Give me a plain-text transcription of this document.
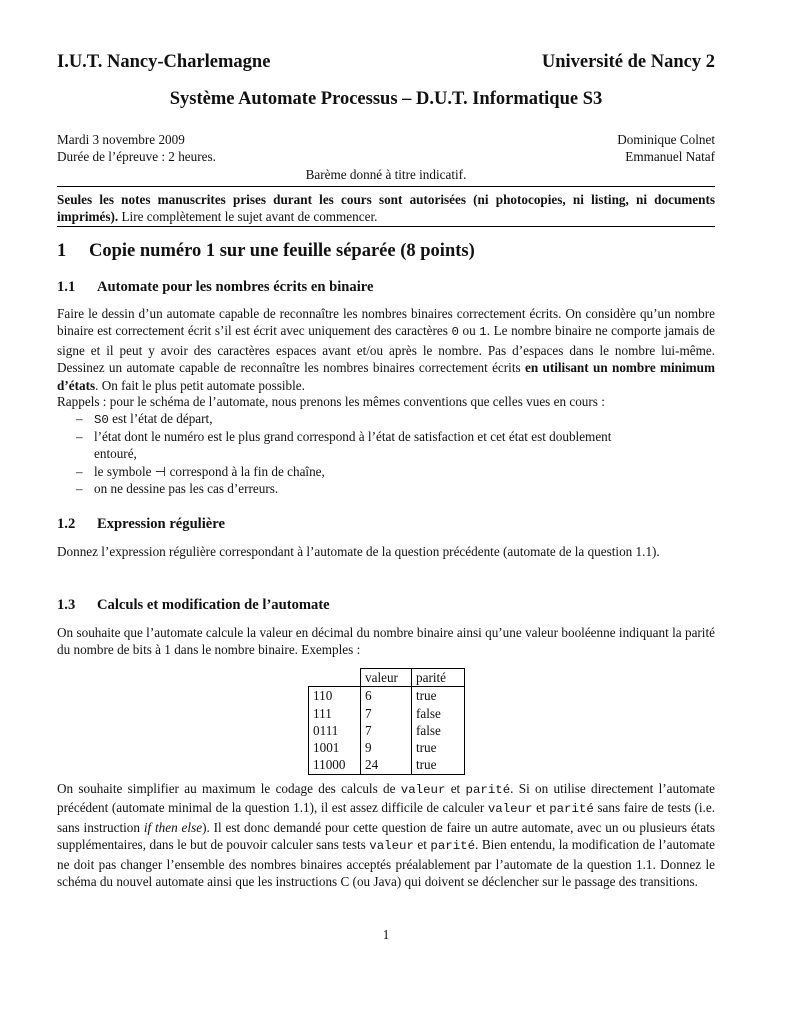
I.U.T. Nancy-Charlemagne	Université de Nancy 2
Système Automate Processus – D.U.T. Informatique S3
Mardi 3 novembre 2009	Dominique Colnet
Durée de l’épreuve : 2 heures.	Emmanuel Nataf
Barème donné à titre indicatif.
Seules les notes manuscrites prises durant les cours sont autorisées (ni photocopies, ni listing, ni documents imprimés). Lire complètement le sujet avant de commencer.
1 Copie numéro 1 sur une feuille séparée (8 points)
1.1 Automate pour les nombres écrits en binaire
Faire le dessin d’un automate capable de reconnaître les nombres binaires correctement écrits. On considère qu’un nombre binaire est correctement écrit s’il est écrit avec uniquement des caractères 0 ou 1. Le nombre binaire ne comporte jamais de signe et il peut y avoir des caractères espaces avant et/ou après le nombre. Pas d’espaces dans le nombre lui-même. Dessinez un automate capable de reconnaître les nombres binaires correctement écrits en utilisant un nombre minimum d’états. On fait le plus petit automate possible.
Rappels : pour le schéma de l’automate, nous prenons les mêmes conventions que celles vues en cours :
– S0 est l’état de départ,
– l’état dont le numéro est le plus grand correspond à l’état de satisfaction et cet état est doublement
entouré,
– le symbole ⊣ correspond à la fin de chaîne,
– on ne dessine pas les cas d’erreurs.
1.2 Expression régulière
Donnez l’expression régulière correspondant à l’automate de la question précédente (automate de la question 1.1).
1.3 Calculs et modification de l’automate
On souhaite que l’automate calcule la valeur en décimal du nombre binaire ainsi qu’une valeur booléenne indiquant la parité du nombre de bits à 1 dans le nombre binaire. Exemples :
	valeur	parité
110	6	true
111	7	false
0111	7	false
1001	9	true
11000	24	true
On souhaite simplifier au maximum le codage des calculs de valeur et parité. Si on utilise directement l’automate précédent (automate minimal de la question 1.1), il est assez difficile de calculer valeur et parité sans faire de tests (i.e. sans instruction if then else). Il est donc demandé pour cette question de faire un autre automate, avec un ou plusieurs états supplémentaires, dans le but de pouvoir calculer sans tests valeur et parité. Bien entendu, la modification de l’automate ne doit pas changer l’ensemble des nombres binaires acceptés préalablement par l’automate de la question 1.1. Donnez le schéma du nouvel automate ainsi que les instructions C (ou Java) qui doivent se déclencher sur le passage des transitions.
1
